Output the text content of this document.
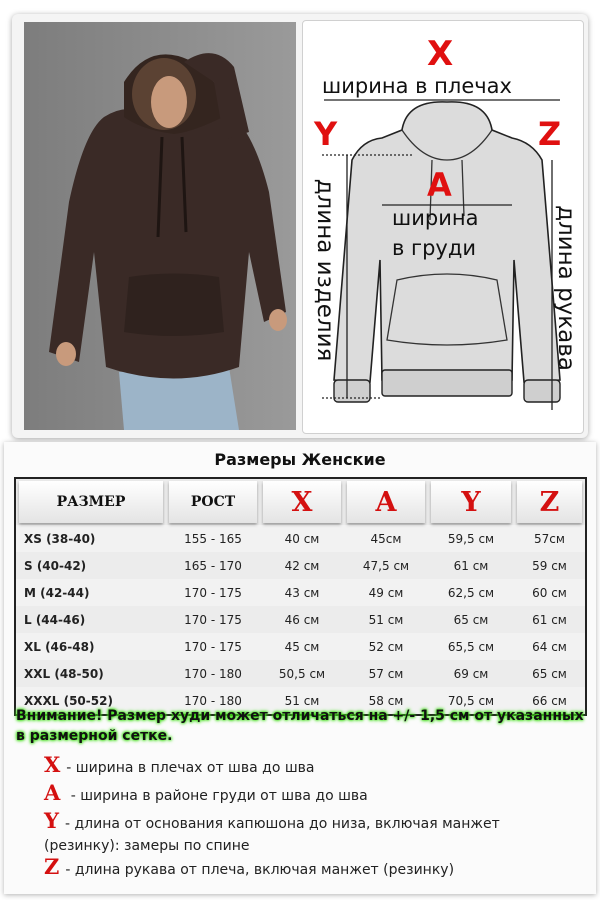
X
ширина в плечах
Y	Z
A
ширина
в груди
длина изделия	длина рукава
Размеры Женские
РАЗМЕР	РОСТ	X	A	Y	Z

XS (38-40)	155 - 165	40 см	45см	59,5 см	57см
S (40-42)	165 - 170	42 см	47,5 см	61 см	59 см
M (42-44)	170 - 175	43 см	49 см	62,5 см	60 см
L (44-46)	170 - 175	46 см	51 см	65 см	61 см
XL (46-48)	170 - 175	45 см	52 см	65,5 см	64 см
XXL (48-50)	170 - 180	50,5 см	57 см	69 см	65 см
XXXL (50-52)	170 - 180	51 см	58 см	70,5 см	66 см
Внимание! Размер худи может отличаться на +/- 1,5 см от указанных в размерной сетке.
X - ширина в плечах от шва до шва
A - ширина в районе груди от шва до шва
Y - длина от основания капюшона до низа, включая манжет (резинку): замеры по спине
Z - длина рукава от плеча, включая манжет (резинку)
